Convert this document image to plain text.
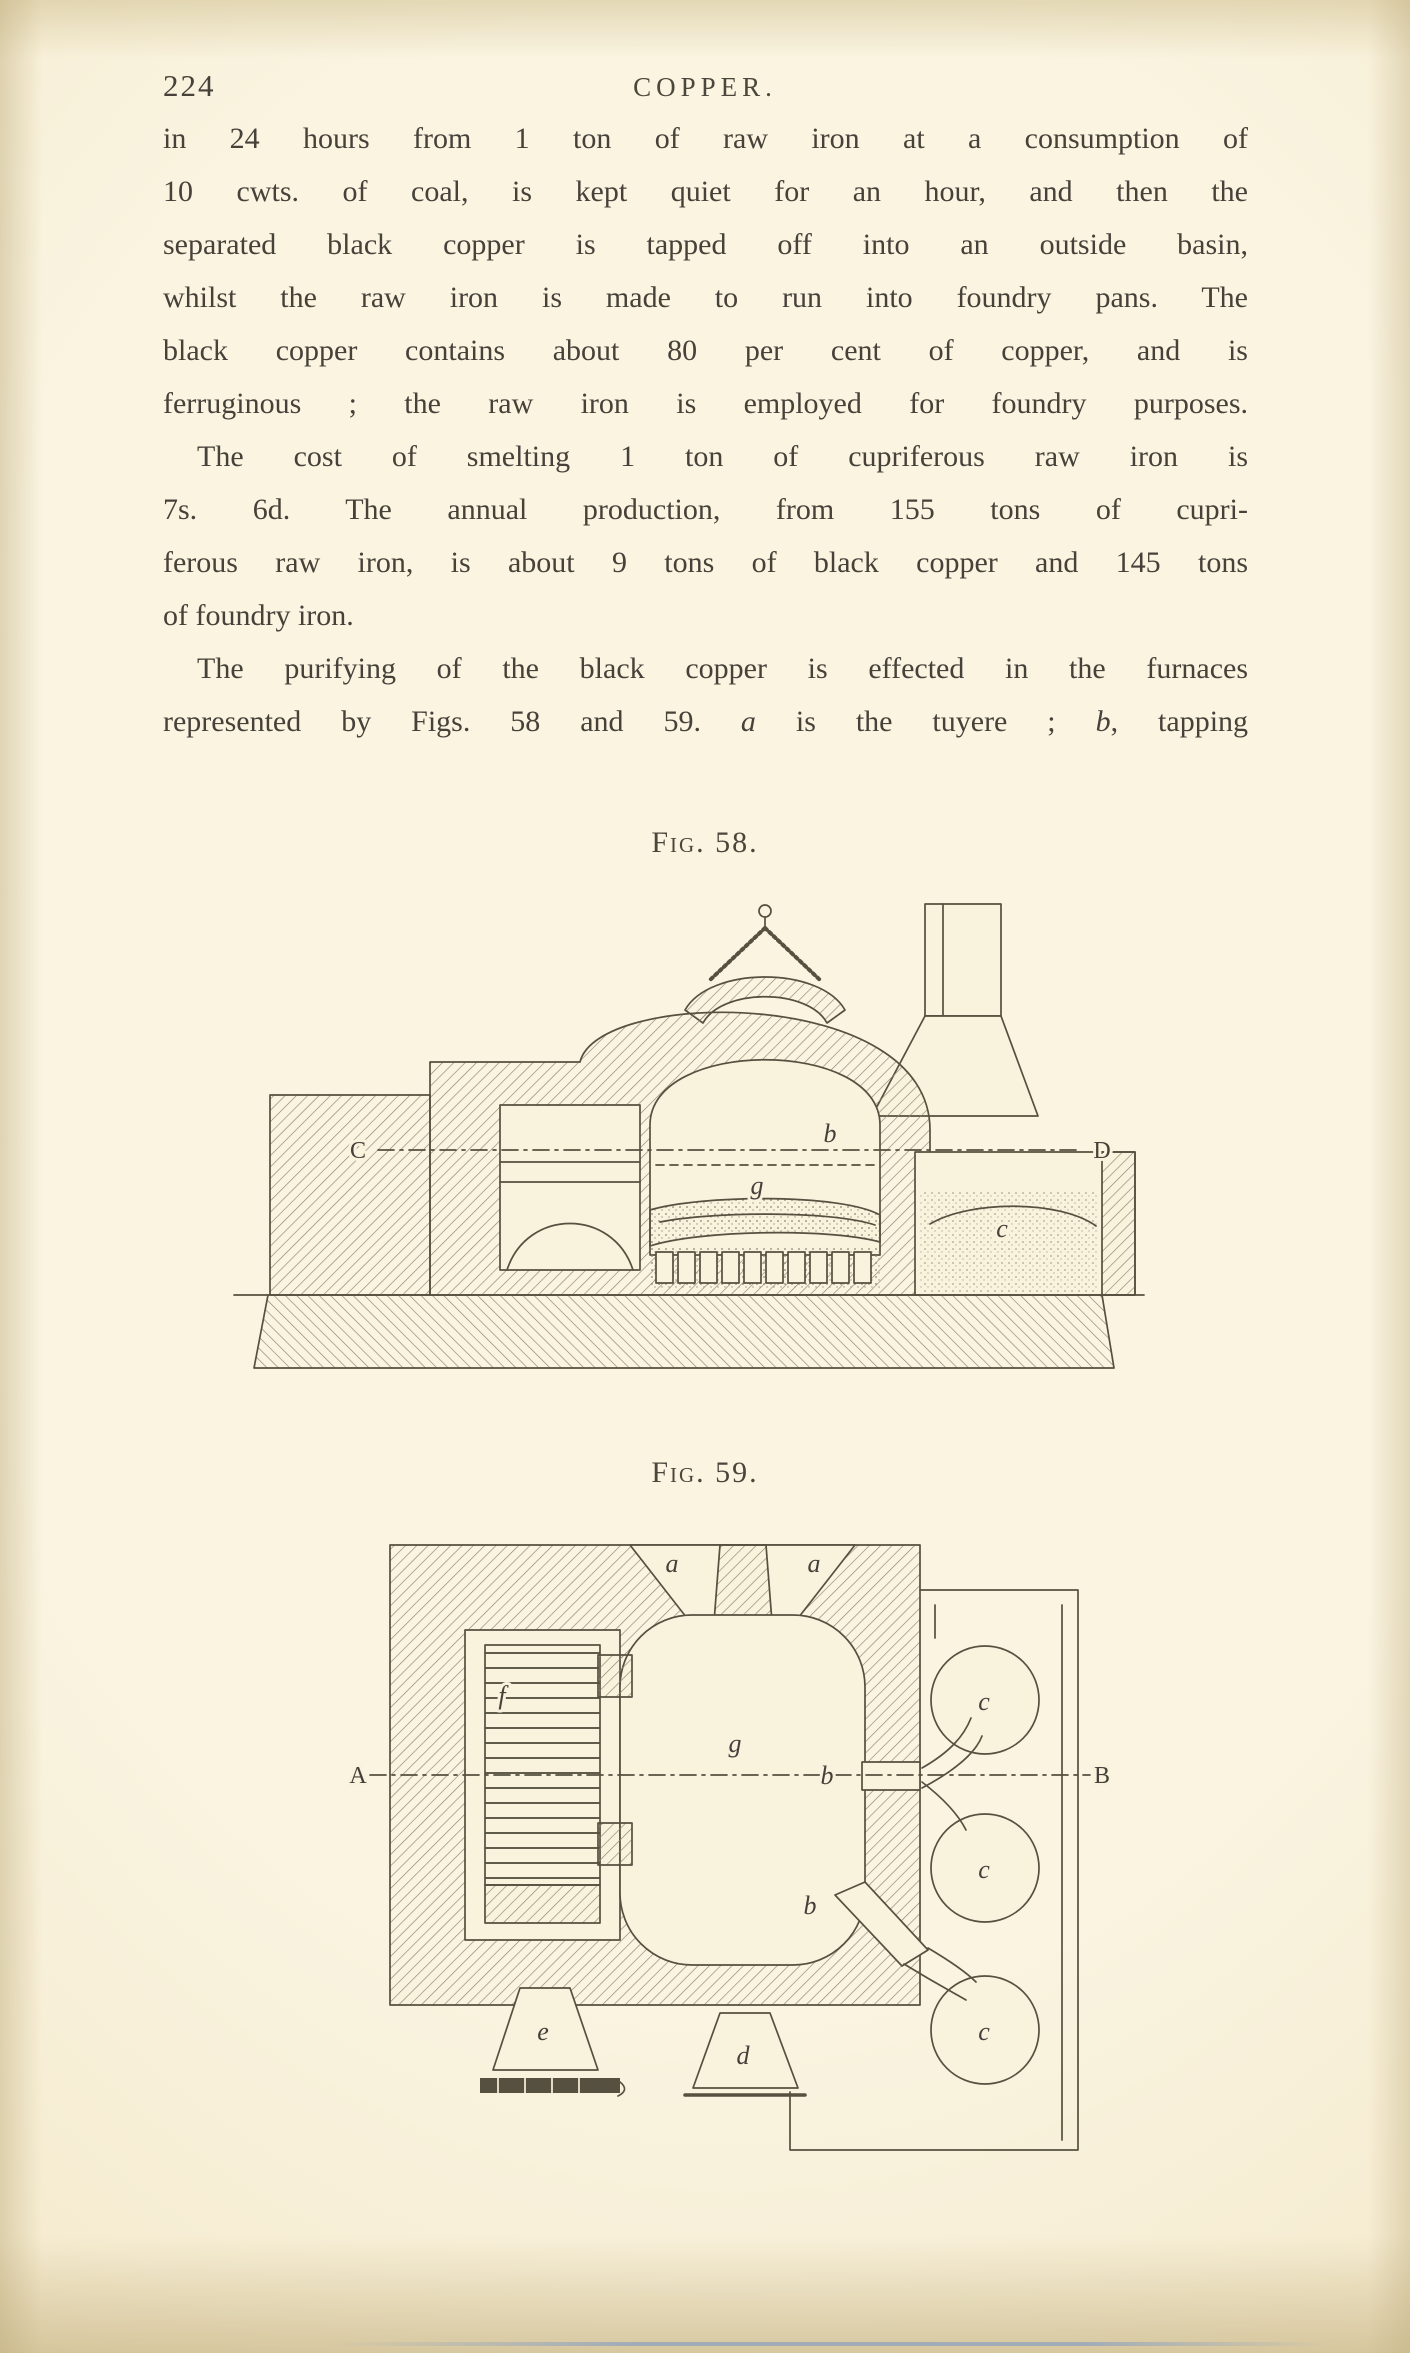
224	COPPER.
in 24 hours from 1 ton of raw iron at a consumption of
10 cwts. of coal, is kept quiet for an hour, and then the
separated black copper is tapped off into an outside basin,
whilst the raw iron is made to run into foundry pans. The
black copper contains about 80 per cent of copper, and is
ferruginous ; the raw iron is employed for foundry purposes.
The cost of smelting 1 ton of cupriferous raw iron is
7s. 6d. The annual production, from 155 tons of cupri-
ferous raw iron, is about 9 tons of black copper and 145 tons
of foundry iron.
The purifying of the black copper is effected in the furnaces
represented by Figs. 58 and 59. a is the tuyere ; b, tapping
Fig. 58.
C	D
b
g
c
Fig. 59.
A	B
a	a
f
g
b
b
c
c
c
e
d
